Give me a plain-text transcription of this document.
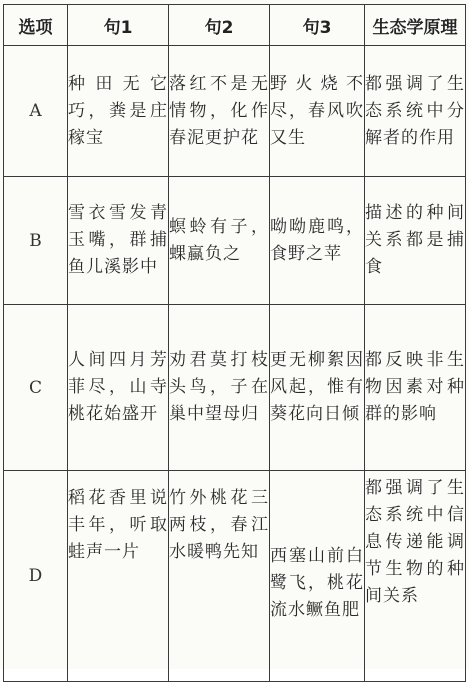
选项	句1	句2	句3	生态学原理
A	种田无它巧，粪是庄稼宝	落红不是无情物，化作春泥更护花	野火烧不尽，春风吹又生	都强调了生态系统中分解者的作用

B	雪衣雪发青玉嘴，群捕鱼儿溪影中	螟蛉有子，蜾蠃负之	呦呦鹿鸣，食野之苹	描述的种间关系都是捕食

C	人间四月芳菲尽，山寺桃花始盛开	劝君莫打枝头鸟，子在巢中望母归	更无柳絮因风起，惟有葵花向日倾	都反映非生物因素对种群的影响

D	稻花香里说丰年，听取蛙声一片	竹外桃花三两枝，春江水暖鸭先知	西塞山前白鹭飞，桃花流水鳜鱼肥	都强调了生态系统中信息传递能调节生物的种间关系
